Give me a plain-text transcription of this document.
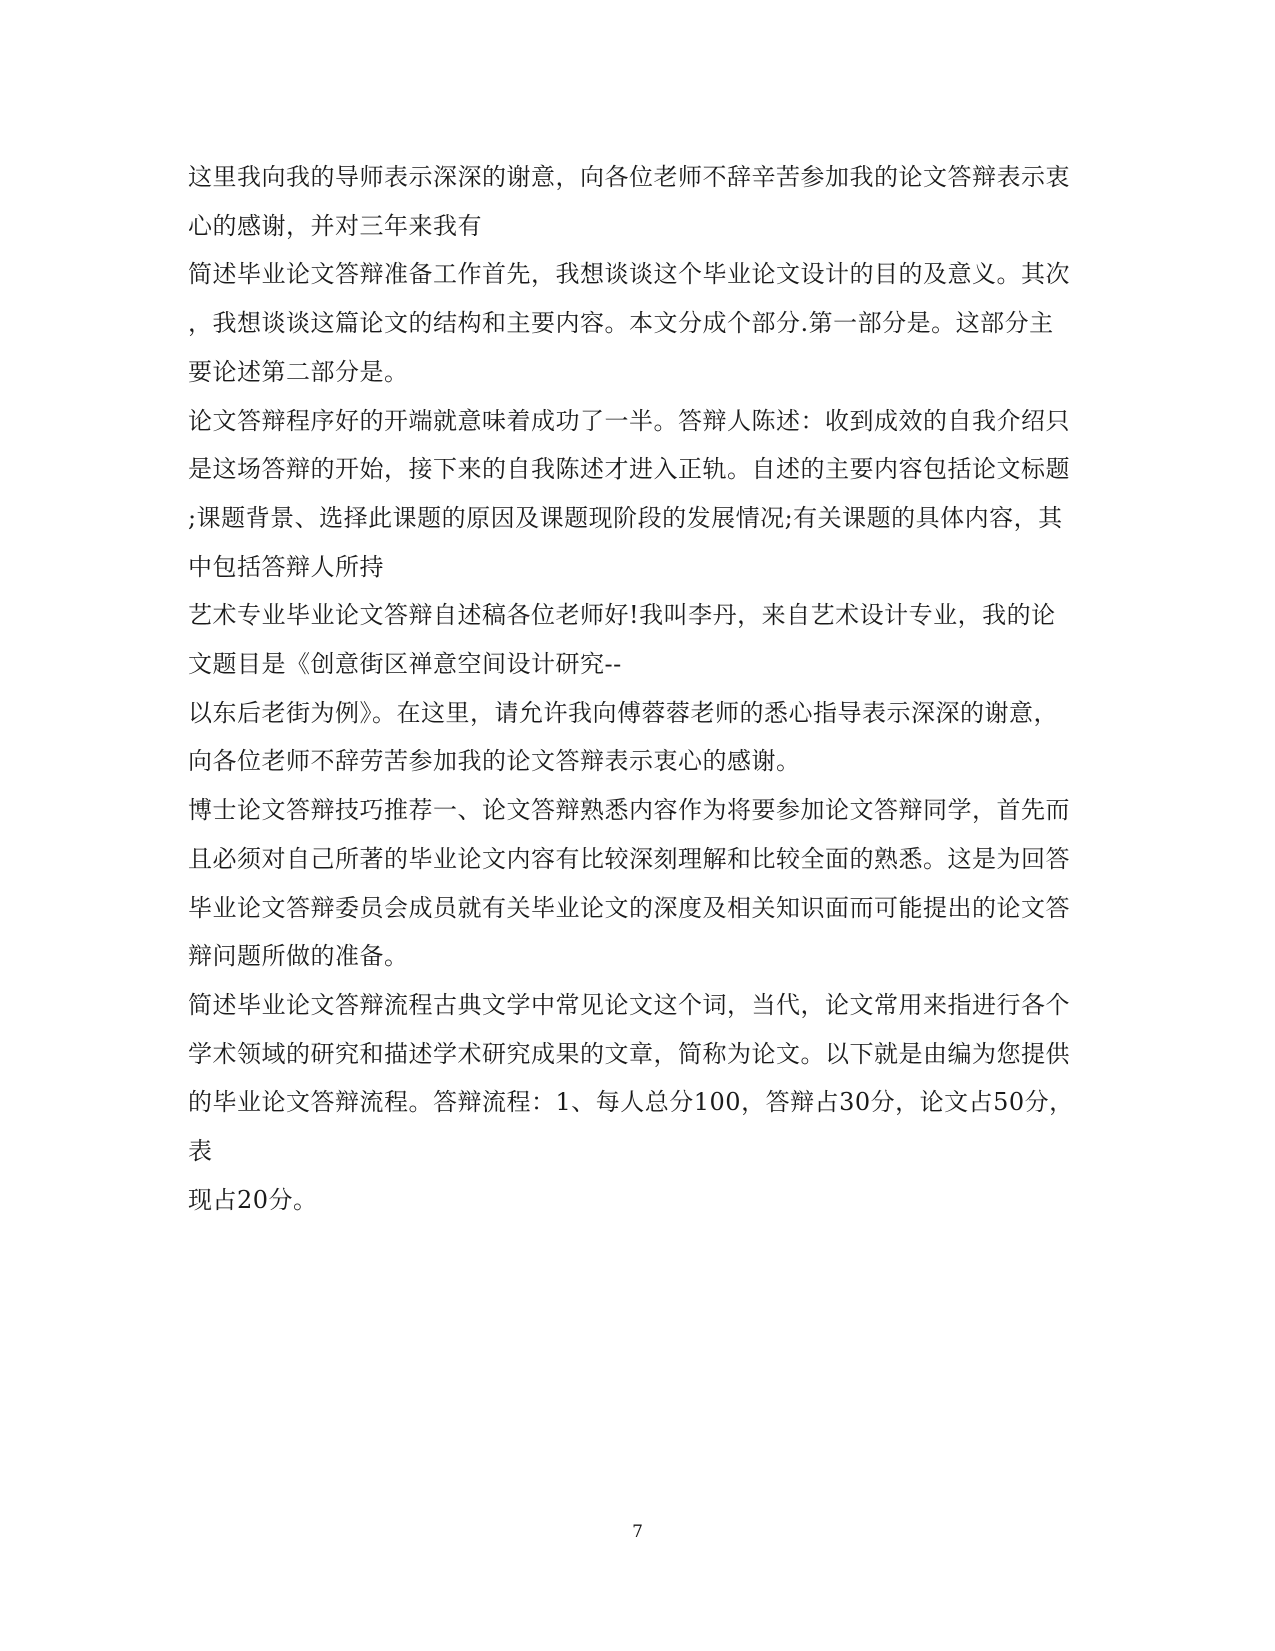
这里我向我的导师表示深深的谢意，向各位老师不辞辛苦参加我的论文答辩表示衷
心的感谢，并对三年来我有

简述毕业论文答辩准备工作首先，我想谈谈这个毕业论文设计的目的及意义。其次
，我想谈谈这篇论文的结构和主要内容。本文分成个部分.第一部分是。这部分主
要论述第二部分是。

论文答辩程序好的开端就意味着成功了一半。答辩人陈述：收到成效的自我介绍只
是这场答辩的开始，接下来的自我陈述才进入正轨。自述的主要内容包括论文标题
;课题背景、选择此课题的原因及课题现阶段的发展情况;有关课题的具体内容，其
中包括答辩人所持

艺术专业毕业论文答辩自述稿各位老师好!我叫李丹，来自艺术设计专业，我的论
文题目是《创意街区禅意空间设计研究--
以东后老街为例》。在这里，请允许我向傅蓉蓉老师的悉心指导表示深深的谢意，
向各位老师不辞劳苦参加我的论文答辩表示衷心的感谢。

博士论文答辩技巧推荐一、论文答辩熟悉内容作为将要参加论文答辩同学，首先而
且必须对自己所著的毕业论文内容有比较深刻理解和比较全面的熟悉。这是为回答
毕业论文答辩委员会成员就有关毕业论文的深度及相关知识面而可能提出的论文答
辩问题所做的准备。

简述毕业论文答辩流程古典文学中常见论文这个词，当代，论文常用来指进行各个
学术领域的研究和描述学术研究成果的文章，简称为论文。以下就是由编为您提供
的毕业论文答辩流程。答辩流程：1、每人总分100，答辩占30分，论文占50分，表
现占20分。

7
